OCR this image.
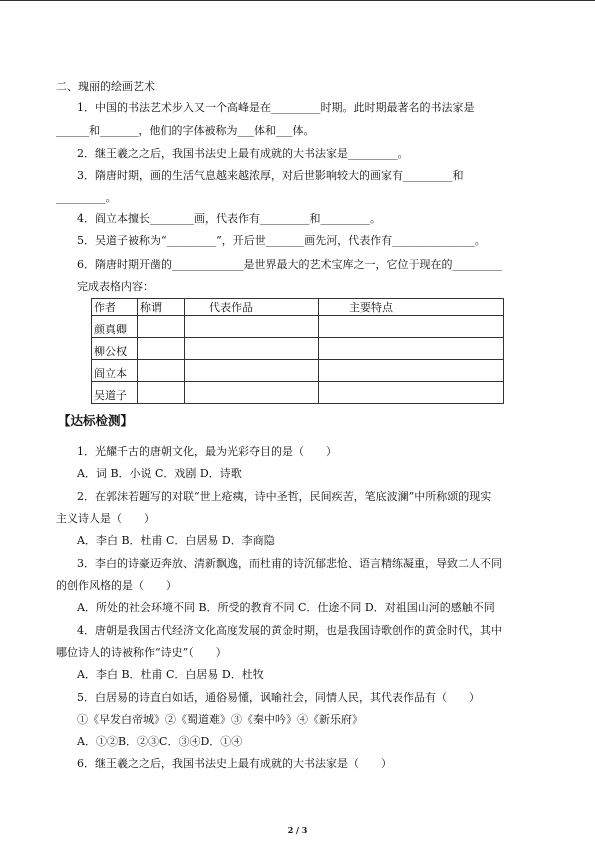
二、瑰丽的绘画艺术
1．中国的书法艺术步入又一个高峰是在_________时期。此时期最著名的书法家是
______和_______，他们的字体被称为___体和___体。
2．继王羲之之后，我国书法史上最有成就的大书法家是_________。
3．隋唐时期，画的生活气息越来越浓厚，对后世影响较大的画家有_________和
_________。
4．阎立本擅长________画，代表作有_________和_________。
5．吴道子被称为“_________”，开后世_______画先河，代表作有_______________。
6．隋唐时期开凿的_____________是世界最大的艺术宝库之一，它位于现在的_________
完成表格内容：
作者	称谓	代表作品	主要特点
颜真卿			
柳公权			
阎立本			
吴道子			
【达标检测】
1．光耀千古的唐朝文化，最为光彩夺目的是（　　）
A．词 B．小说 C．戏剧 D．诗歌
2．在郭沫若题写的对联“世上疮痍，诗中圣哲，民间疾苦，笔底波澜”中所称颂的现实
主义诗人是（　　）
A．李白 B．杜甫 C．白居易 D．李商隐
3．李白的诗豪迈奔放、清新飘逸，而杜甫的诗沉郁悲怆、语言精练凝重，导致二人不同
的创作风格的是（　　）
A．所处的社会环境不同 B．所受的教育不同 C．仕途不同 D．对祖国山河的感触不同
4．唐朝是我国古代经济文化高度发展的黄金时期，也是我国诗歌创作的黄金时代，其中
哪位诗人的诗被称作“诗史”（　　）
A．李白 B．杜甫 C．白居易 D．杜牧
5．白居易的诗直白如话，通俗易懂，讽喻社会，同情人民，其代表作品有（　　）
①《早发白帝城》②《蜀道难》③《秦中吟》④《新乐府》
A．①②B．②③C．③④D．①④
6．继王羲之之后，我国书法史上最有成就的大书法家是（　　）
2 / 3
